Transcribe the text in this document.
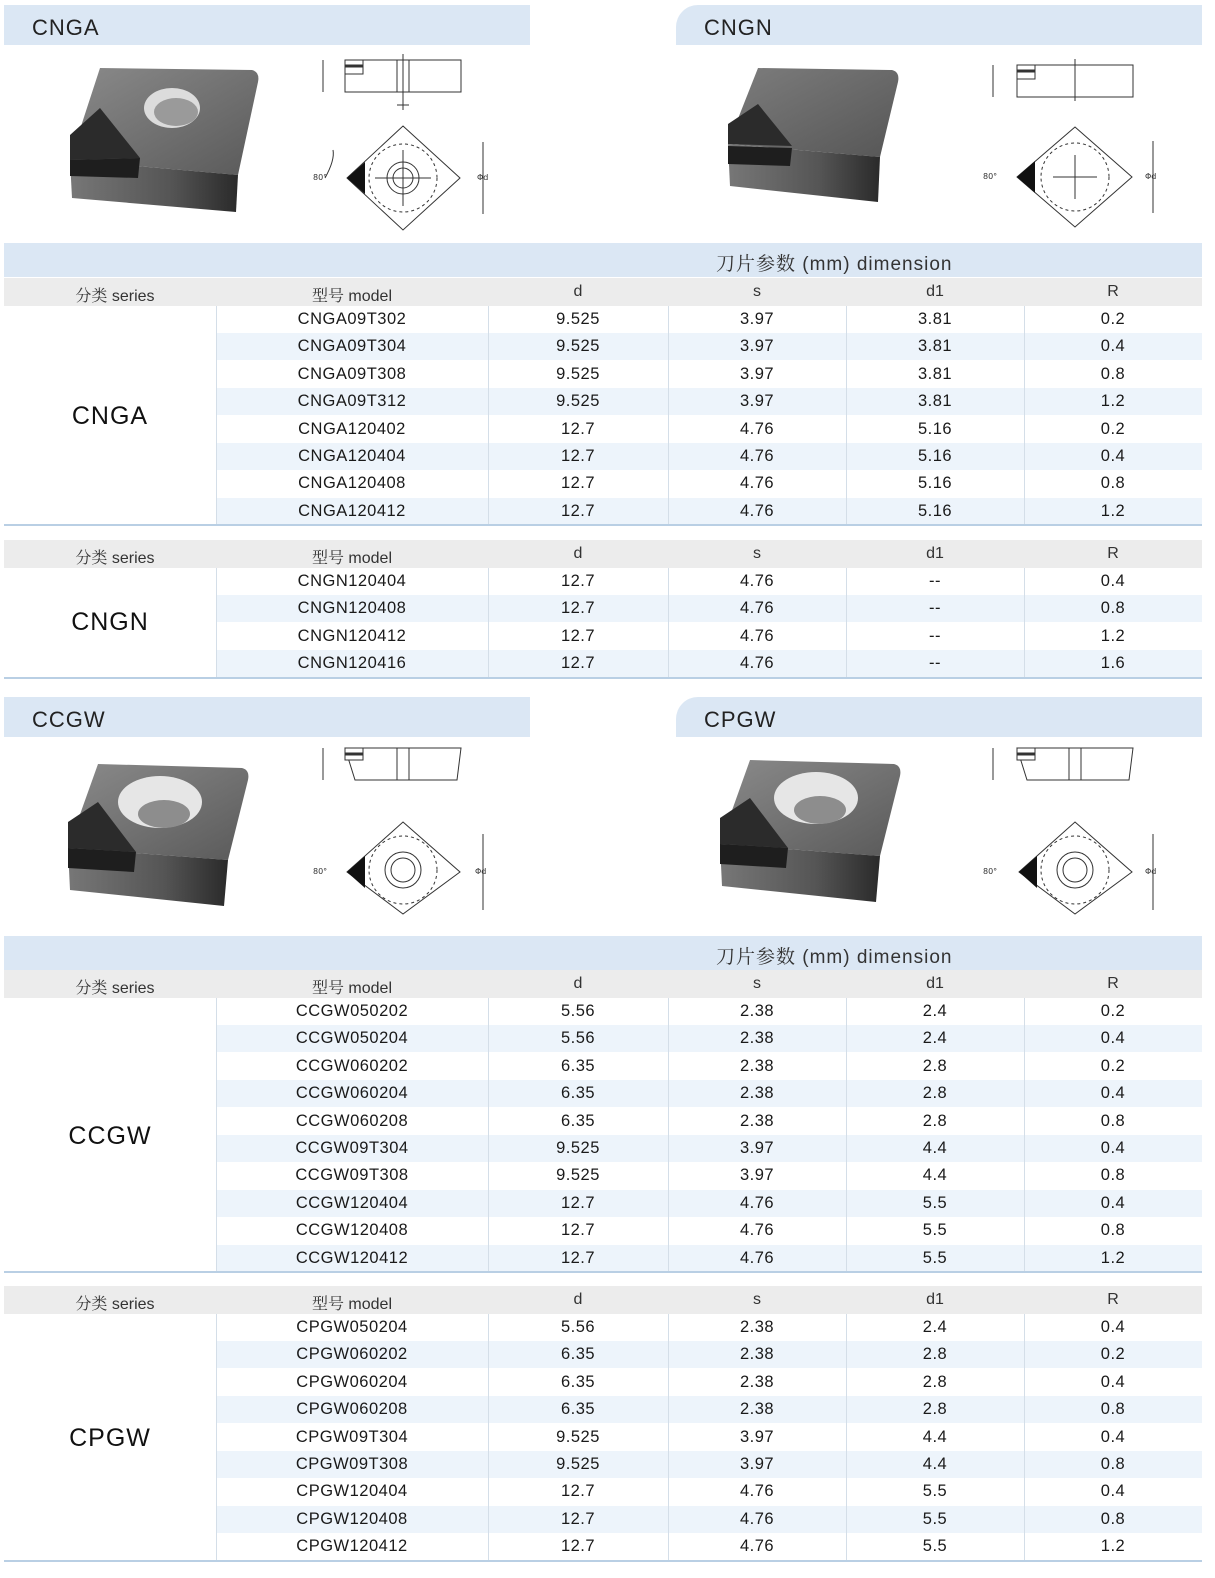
CNGA	CNGN
CCGW	CPGW
Φd
80°	Φd
80°
Φd
80°	Φd
80°
刀片参数 (mm) dimension
刀片参数 (mm) dimension
分类 series	型号 model	d	s	d1	R
分类 series	型号 model	d	s	d1	R
分类 series	型号 model	d	s	d1	R
分类 series	型号 model	d	s	d1	R
CNGA
CNGA09T302	9.525	3.97	3.81	0.2
CNGA09T304	9.525	3.97	3.81	0.4
CNGA09T308	9.525	3.97	3.81	0.8
CNGA09T312	9.525	3.97	3.81	1.2
CNGA120402	12.7	4.76	5.16	0.2
CNGA120404	12.7	4.76	5.16	0.4
CNGA120408	12.7	4.76	5.16	0.8
CNGA120412	12.7	4.76	5.16	1.2
CNGN
CNGN120404	12.7	4.76	--	0.4
CNGN120408	12.7	4.76	--	0.8
CNGN120412	12.7	4.76	--	1.2
CNGN120416	12.7	4.76	--	1.6
CCGW
CCGW050202	5.56	2.38	2.4	0.2
CCGW050204	5.56	2.38	2.4	0.4
CCGW060202	6.35	2.38	2.8	0.2
CCGW060204	6.35	2.38	2.8	0.4
CCGW060208	6.35	2.38	2.8	0.8
CCGW09T304	9.525	3.97	4.4	0.4
CCGW09T308	9.525	3.97	4.4	0.8
CCGW120404	12.7	4.76	5.5	0.4
CCGW120408	12.7	4.76	5.5	0.8
CCGW120412	12.7	4.76	5.5	1.2
CPGW
CPGW050204	5.56	2.38	2.4	0.4
CPGW060202	6.35	2.38	2.8	0.2
CPGW060204	6.35	2.38	2.8	0.4
CPGW060208	6.35	2.38	2.8	0.8
CPGW09T304	9.525	3.97	4.4	0.4
CPGW09T308	9.525	3.97	4.4	0.8
CPGW120404	12.7	4.76	5.5	0.4
CPGW120408	12.7	4.76	5.5	0.8
CPGW120412	12.7	4.76	5.5	1.2
